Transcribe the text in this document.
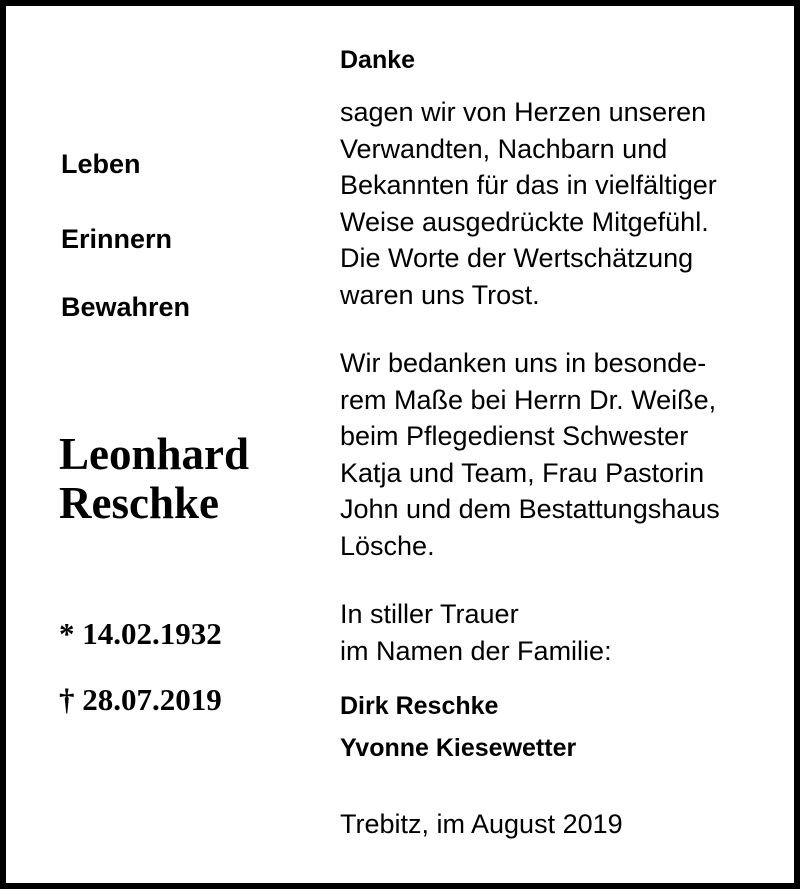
Leben
Erinnern
Bewahren
Leonhard
Reschke
* 14.02.1932
† 28.07.2019
Danke
sagen wir von Herzen unseren
Verwandten, Nachbarn und
Bekannten für das in vielfältiger
Weise ausgedrückte Mitgefühl.
Die Worte der Wertschätzung
waren uns Trost.
Wir bedanken uns in besonde-
rem Maße bei Herrn Dr. Weiße,
beim Pflegedienst Schwester
Katja und Team, Frau Pastorin
John und dem Bestattungshaus
Lösche.
In stiller Trauer
im Namen der Familie:
Dirk Reschke
Yvonne Kiesewetter
Trebitz, im August 2019
